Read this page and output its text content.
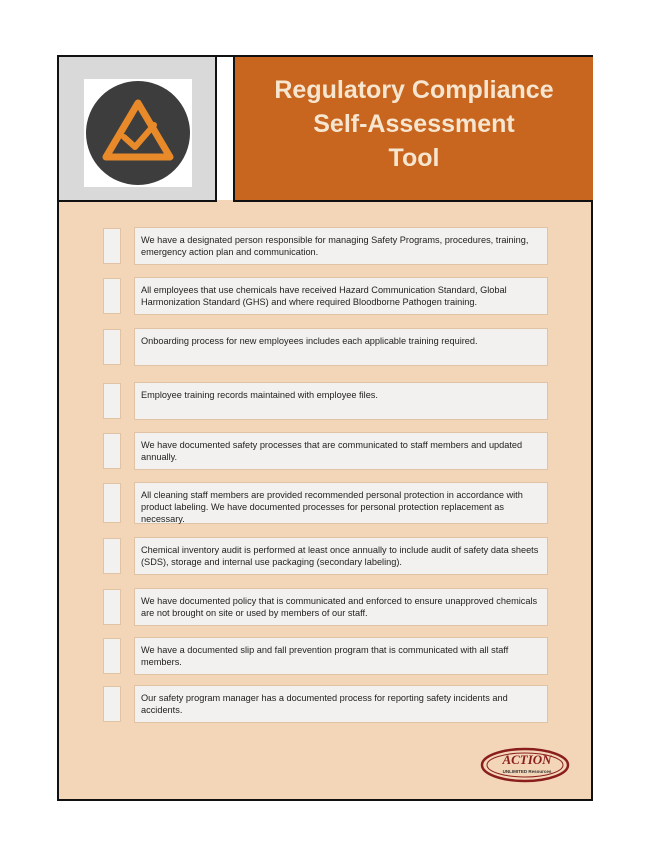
Regulatory Compliance
Self-Assessment
Tool
We have a designated person responsible for managing Safety Programs, procedures, training, emergency action plan and communication.
All employees that use chemicals have received Hazard Communication Standard, Global Harmonization Standard (GHS) and where required Bloodborne Pathogen training.
Onboarding process for new employees includes each applicable training required.
Employee training records maintained with employee files.
We have documented safety processes that are communicated to staff members and updated annually.
All cleaning staff members are provided recommended personal protection in accordance with product labeling. We have documented processes for personal protection replacement as necessary.
Chemical inventory audit is performed at least once annually to include audit of safety data sheets (SDS), storage and internal use packaging (secondary labeling).
We have documented policy that is communicated and enforced to ensure unapproved chemicals are not brought on site or used by members of our staff.
We have a documented slip and fall prevention program that is communicated with all staff members.
Our safety program manager has a documented process for reporting safety incidents and accidents.
ACTION
UNLIMITED Resources
